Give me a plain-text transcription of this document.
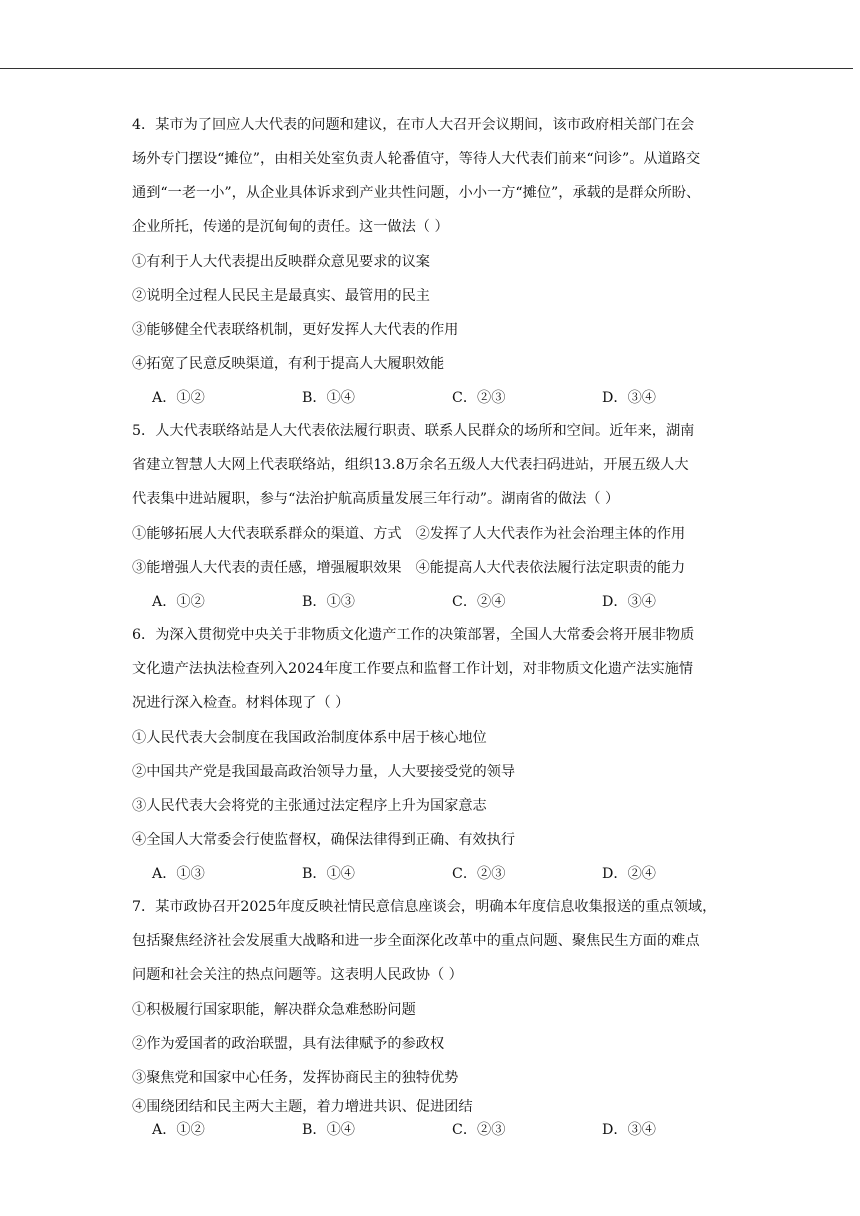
4．某市为了回应人大代表的问题和建议，在市人大召开会议期间，该市政府相关部门在会
场外专门摆设“摊位”，由相关处室负责人轮番值守，等待人大代表们前来“问诊”。从道路交
通到“一老一小”，从企业具体诉求到产业共性问题，小小一方“摊位”，承载的是群众所盼、
企业所托，传递的是沉甸甸的责任。这一做法（ ）
①有利于人大代表提出反映群众意见要求的议案
②说明全过程人民民主是最真实、最管用的民主
③能够健全代表联络机制，更好发挥人大代表的作用
④拓宽了民意反映渠道，有利于提高人大履职效能
A．①②	B．①④	C．②③	D．③④
5．人大代表联络站是人大代表依法履行职责、联系人民群众的场所和空间。近年来，湖南
省建立智慧人大网上代表联络站，组织13.8万余名五级人大代表扫码进站，开展五级人大
代表集中进站履职，参与“法治护航高质量发展三年行动”。湖南省的做法（ ）
①能够拓展人大代表联系群众的渠道、方式 ②发挥了人大代表作为社会治理主体的作用
③能增强人大代表的责任感，增强履职效果 ④能提高人大代表依法履行法定职责的能力
A．①②	B．①③	C．②④	D．③④
6．为深入贯彻党中央关于非物质文化遗产工作的决策部署，全国人大常委会将开展非物质
文化遗产法执法检查列入2024年度工作要点和监督工作计划，对非物质文化遗产法实施情
况进行深入检查。材料体现了（ ）
①人民代表大会制度在我国政治制度体系中居于核心地位
②中国共产党是我国最高政治领导力量，人大要接受党的领导
③人民代表大会将党的主张通过法定程序上升为国家意志
④全国人大常委会行使监督权，确保法律得到正确、有效执行
A．①③	B．①④	C．②③	D．②④
7．某市政协召开2025年度反映社情民意信息座谈会，明确本年度信息收集报送的重点领域，
包括聚焦经济社会发展重大战略和进一步全面深化改革中的重点问题、聚焦民生方面的难点
问题和社会关注的热点问题等。这表明人民政协（ ）
①积极履行国家职能，解决群众急难愁盼问题
②作为爱国者的政治联盟，具有法律赋予的参政权
③聚焦党和国家中心任务，发挥协商民主的独特优势
④围绕团结和民主两大主题，着力增进共识、促进团结
A．①②	B．①④	C．②③	D．③④
